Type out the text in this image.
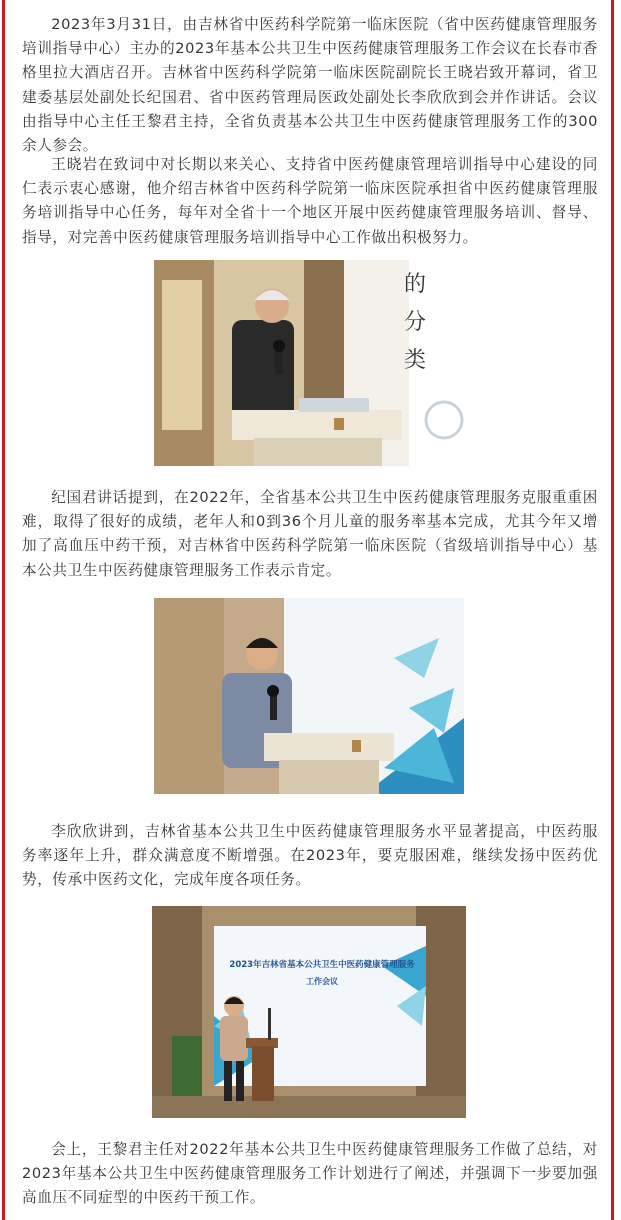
2023年3月31日，由吉林省中医药科学院第一临床医院（省中医药健康管理服务培训指导中心）主办的2023年基本公共卫生中医药健康管理服务工作会议在长春市香格里拉大酒店召开。吉林省中医药科学院第一临床医院副院长王晓岩致开幕词，省卫建委基层处副处长纪国君、省中医药管理局医政处副处长李欣欣到会并作讲话。会议由指导中心主任王黎君主持，全省负责基本公共卫生中医药健康管理服务工作的300余人参会。

王晓岩在致词中对长期以来关心、支持省中医药健康管理培训指导中心建设的同仁表示衷心感谢，他介绍吉林省中医药科学院第一临床医院承担省中医药健康管理服务培训指导中心任务，每年对全省十一个地区开展中医药健康管理服务培训、督导、指导，对完善中医药健康管理服务培训指导中心工作做出积极努力。

的分类

纪国君讲话提到，在2022年，全省基本公共卫生中医药健康管理服务克服重重困难，取得了很好的成绩，老年人和0到36个月儿童的服务率基本完成，尤其今年又增加了高血压中药干预，对吉林省中医药科学院第一临床医院（省级培训指导中心）基本公共卫生中医药健康管理服务工作表示肯定。

李欣欣讲到，吉林省基本公共卫生中医药健康管理服务水平显著提高，中医药服务率逐年上升，群众满意度不断增强。在2023年，要克服困难，继续发扬中医药优势，传承中医药文化，完成年度各项任务。

2023年吉林省基本公共卫生中医药健康管理服务
工作会议

会上，王黎君主任对2022年基本公共卫生中医药健康管理服务工作做了总结，对2023年基本公共卫生中医药健康管理服务工作计划进行了阐述，并强调下一步要加强高血压不同症型的中医药干预工作。
